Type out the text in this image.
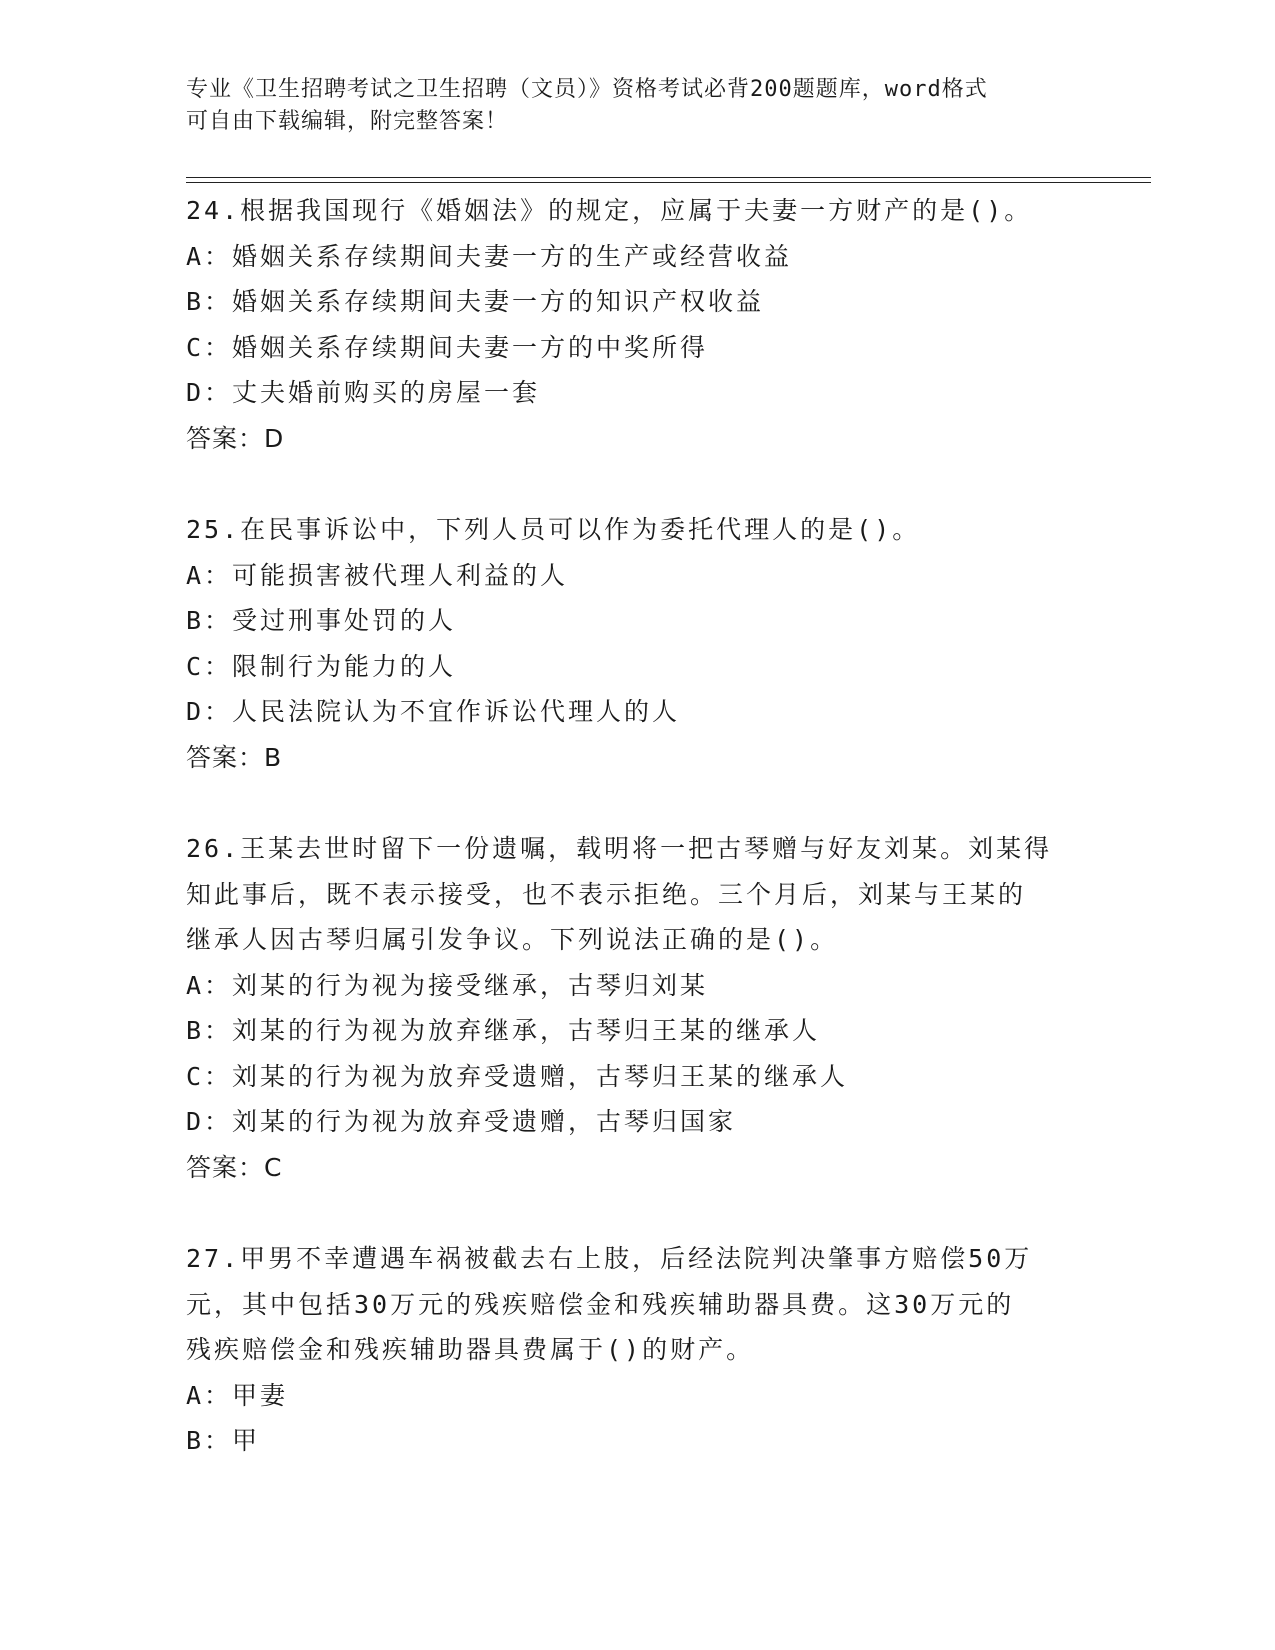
专业《卫生招聘考试之卫生招聘（文员）》资格考试必背200题题库，word格式
可自由下载编辑，附完整答案！
24.根据我国现行《婚姻法》的规定，应属于夫妻一方财产的是()。
A：婚姻关系存续期间夫妻一方的生产或经营收益
B：婚姻关系存续期间夫妻一方的知识产权收益
C：婚姻关系存续期间夫妻一方的中奖所得
D：丈夫婚前购买的房屋一套
答案：D
25.在民事诉讼中，下列人员可以作为委托代理人的是()。
A：可能损害被代理人利益的人
B：受过刑事处罚的人
C：限制行为能力的人
D：人民法院认为不宜作诉讼代理人的人
答案：B
26.王某去世时留下一份遗嘱，载明将一把古琴赠与好友刘某。刘某得
知此事后，既不表示接受，也不表示拒绝。三个月后，刘某与王某的
继承人因古琴归属引发争议。下列说法正确的是()。
A：刘某的行为视为接受继承，古琴归刘某
B：刘某的行为视为放弃继承，古琴归王某的继承人
C：刘某的行为视为放弃受遗赠，古琴归王某的继承人
D：刘某的行为视为放弃受遗赠，古琴归国家
答案：C
27.甲男不幸遭遇车祸被截去右上肢，后经法院判决肇事方赔偿50万
元，其中包括30万元的残疾赔偿金和残疾辅助器具费。这30万元的
残疾赔偿金和残疾辅助器具费属于()的财产。
A：甲妻
B：甲
